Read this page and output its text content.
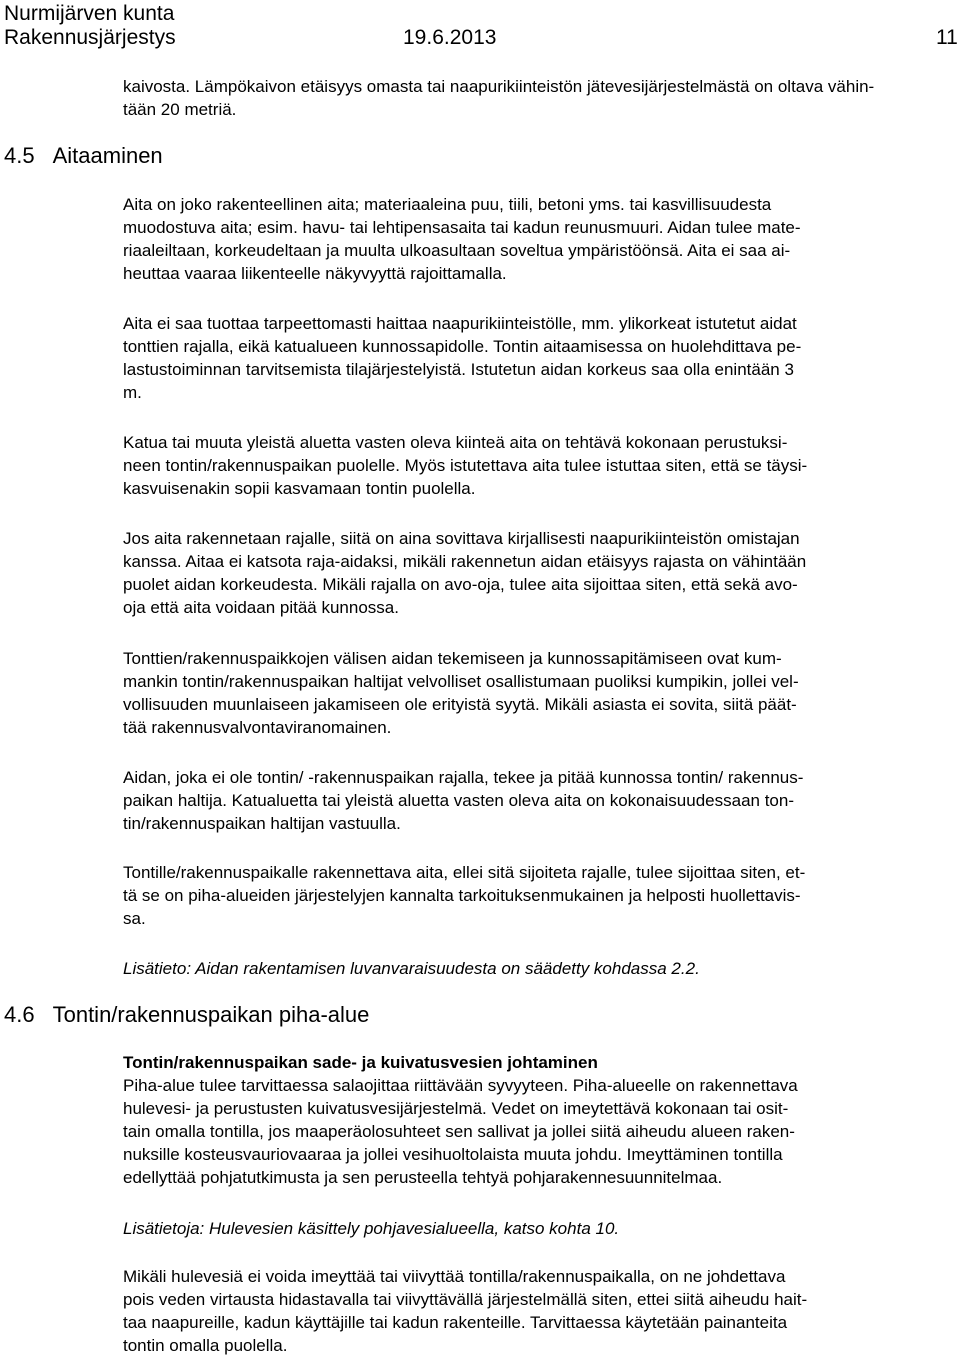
Nurmijärven kunta
Rakennusjärjestys	19.6.2013	11
kaivosta. Lämpökaivon etäisyys omasta tai naapurikiinteistön jätevesijärjestelmästä on oltava vähin-
tään 20 metriä.
4.5 Aitaaminen
Aita on joko rakenteellinen aita; materiaaleina puu, tiili, betoni yms. tai kasvillisuudesta
muodostuva aita; esim. havu- tai lehtipensasaita tai kadun reunusmuuri. Aidan tulee mate-
riaaleiltaan, korkeudeltaan ja muulta ulkoasultaan soveltua ympäristöönsä. Aita ei saa ai-
heuttaa vaaraa liikenteelle näkyvyyttä rajoittamalla.
Aita ei saa tuottaa tarpeettomasti haittaa naapurikiinteistölle, mm. ylikorkeat istutetut aidat
tonttien rajalla, eikä katualueen kunnossapidolle. Tontin aitaamisessa on huolehdittava pe-
lastustoiminnan tarvitsemista tilajärjestelyistä. Istutetun aidan korkeus saa olla enintään 3
m.
Katua tai muuta yleistä aluetta vasten oleva kiinteä aita on tehtävä kokonaan perustuksi-
neen tontin/rakennuspaikan puolelle. Myös istutettava aita tulee istuttaa siten, että se täysi-
kasvuisenakin sopii kasvamaan tontin puolella.
Jos aita rakennetaan rajalle, siitä on aina sovittava kirjallisesti naapurikiinteistön omistajan
kanssa. Aitaa ei katsota raja-aidaksi, mikäli rakennetun aidan etäisyys rajasta on vähintään
puolet aidan korkeudesta. Mikäli rajalla on avo-oja, tulee aita sijoittaa siten, että sekä avo-
oja että aita voidaan pitää kunnossa.
Tonttien/rakennuspaikkojen välisen aidan tekemiseen ja kunnossapitämiseen ovat kum-
mankin tontin/rakennuspaikan haltijat velvolliset osallistumaan puoliksi kumpikin, jollei vel-
vollisuuden muunlaiseen jakamiseen ole erityistä syytä. Mikäli asiasta ei sovita, siitä päät-
tää rakennusvalvontaviranomainen.
Aidan, joka ei ole tontin/ -rakennuspaikan rajalla, tekee ja pitää kunnossa tontin/ rakennus-
paikan haltija. Katualuetta tai yleistä aluetta vasten oleva aita on kokonaisuudessaan ton-
tin/rakennuspaikan haltijan vastuulla.
Tontille/rakennuspaikalle rakennettava aita, ellei sitä sijoiteta rajalle, tulee sijoittaa siten, et-
tä se on piha-alueiden järjestelyjen kannalta tarkoituksenmukainen ja helposti huollettavis-
sa.
Lisätieto: Aidan rakentamisen luvanvaraisuudesta on säädetty kohdassa 2.2.
4.6 Tontin/rakennuspaikan piha-alue
Tontin/rakennuspaikan sade- ja kuivatusvesien johtaminen
Piha-alue tulee tarvittaessa salaojittaa riittävään syvyyteen. Piha-alueelle on rakennettava
hulevesi- ja perustusten kuivatusvesijärjestelmä. Vedet on imeytettävä kokonaan tai osit-
tain omalla tontilla, jos maaperäolosuhteet sen sallivat ja jollei siitä aiheudu alueen raken-
nuksille kosteusvauriovaaraa ja jollei vesihuoltolaista muuta johdu. Imeyttäminen tontilla
edellyttää pohjatutkimusta ja sen perusteella tehtyä pohjarakennesuunnitelmaa.
Lisätietoja: Hulevesien käsittely pohjavesialueella, katso kohta 10.
Mikäli hulevesiä ei voida imeyttää tai viivyttää tontilla/rakennuspaikalla, on ne johdettava
pois veden virtausta hidastavalla tai viivyttävällä järjestelmällä siten, ettei siitä aiheudu hait-
taa naapureille, kadun käyttäjille tai kadun rakenteille. Tarvittaessa käytetään painanteita
tontin omalla puolella.
